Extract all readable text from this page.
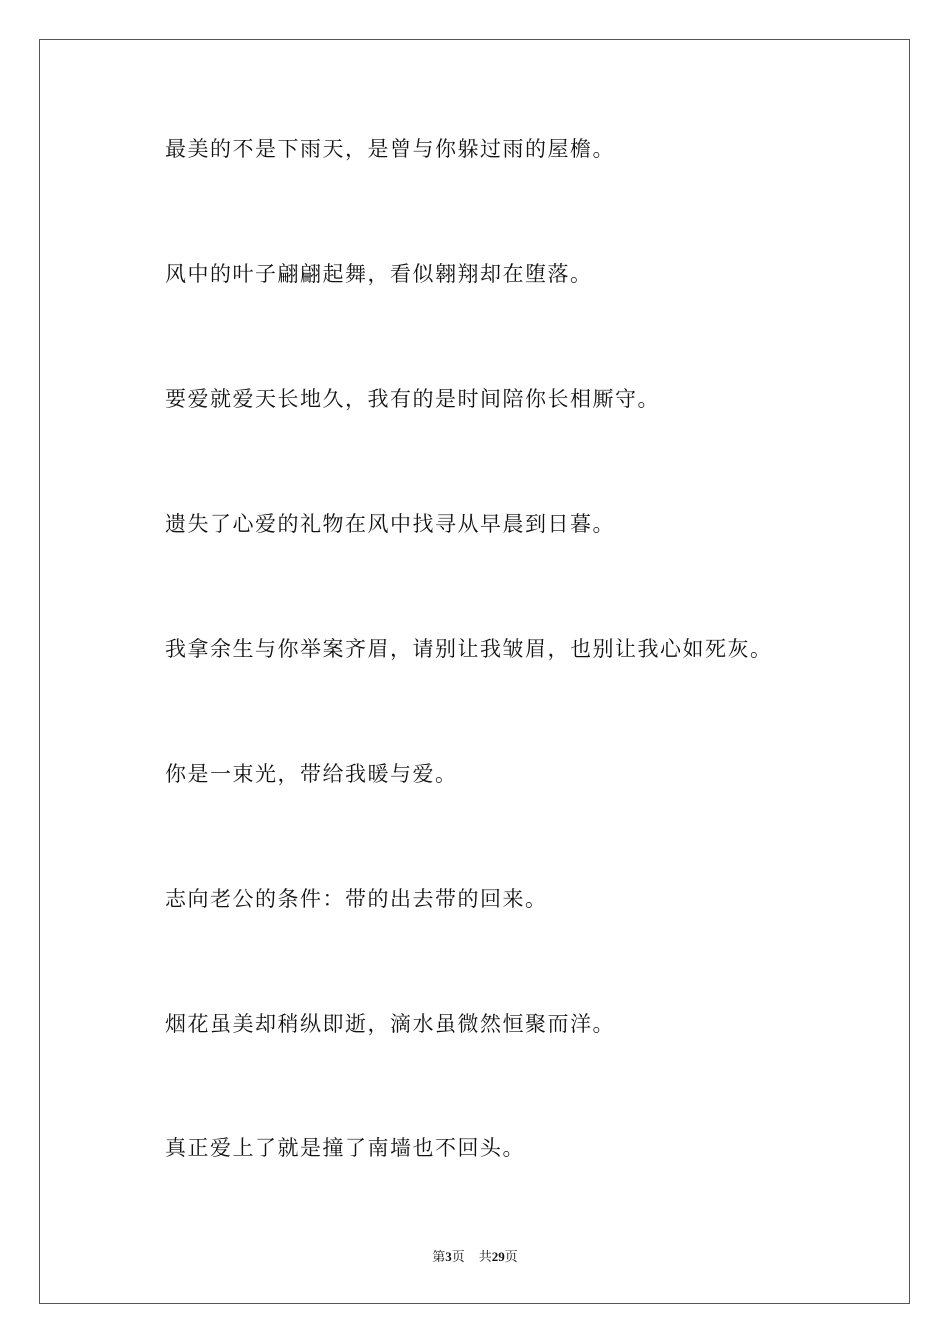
最美的不是下雨天，是曾与你躲过雨的屋檐。
风中的叶子翩翩起舞，看似翱翔却在堕落。
要爱就爱天长地久，我有的是时间陪你长相厮守。
遗失了心爱的礼物在风中找寻从早晨到日暮。
我拿余生与你举案齐眉，请别让我皱眉，也别让我心如死灰。
你是一束光，带给我暖与爱。
志向老公的条件：带的出去带的回来。
烟花虽美却稍纵即逝，滴水虽微然恒聚而洋。
真正爱上了就是撞了南墙也不回头。
第3页 共29页
